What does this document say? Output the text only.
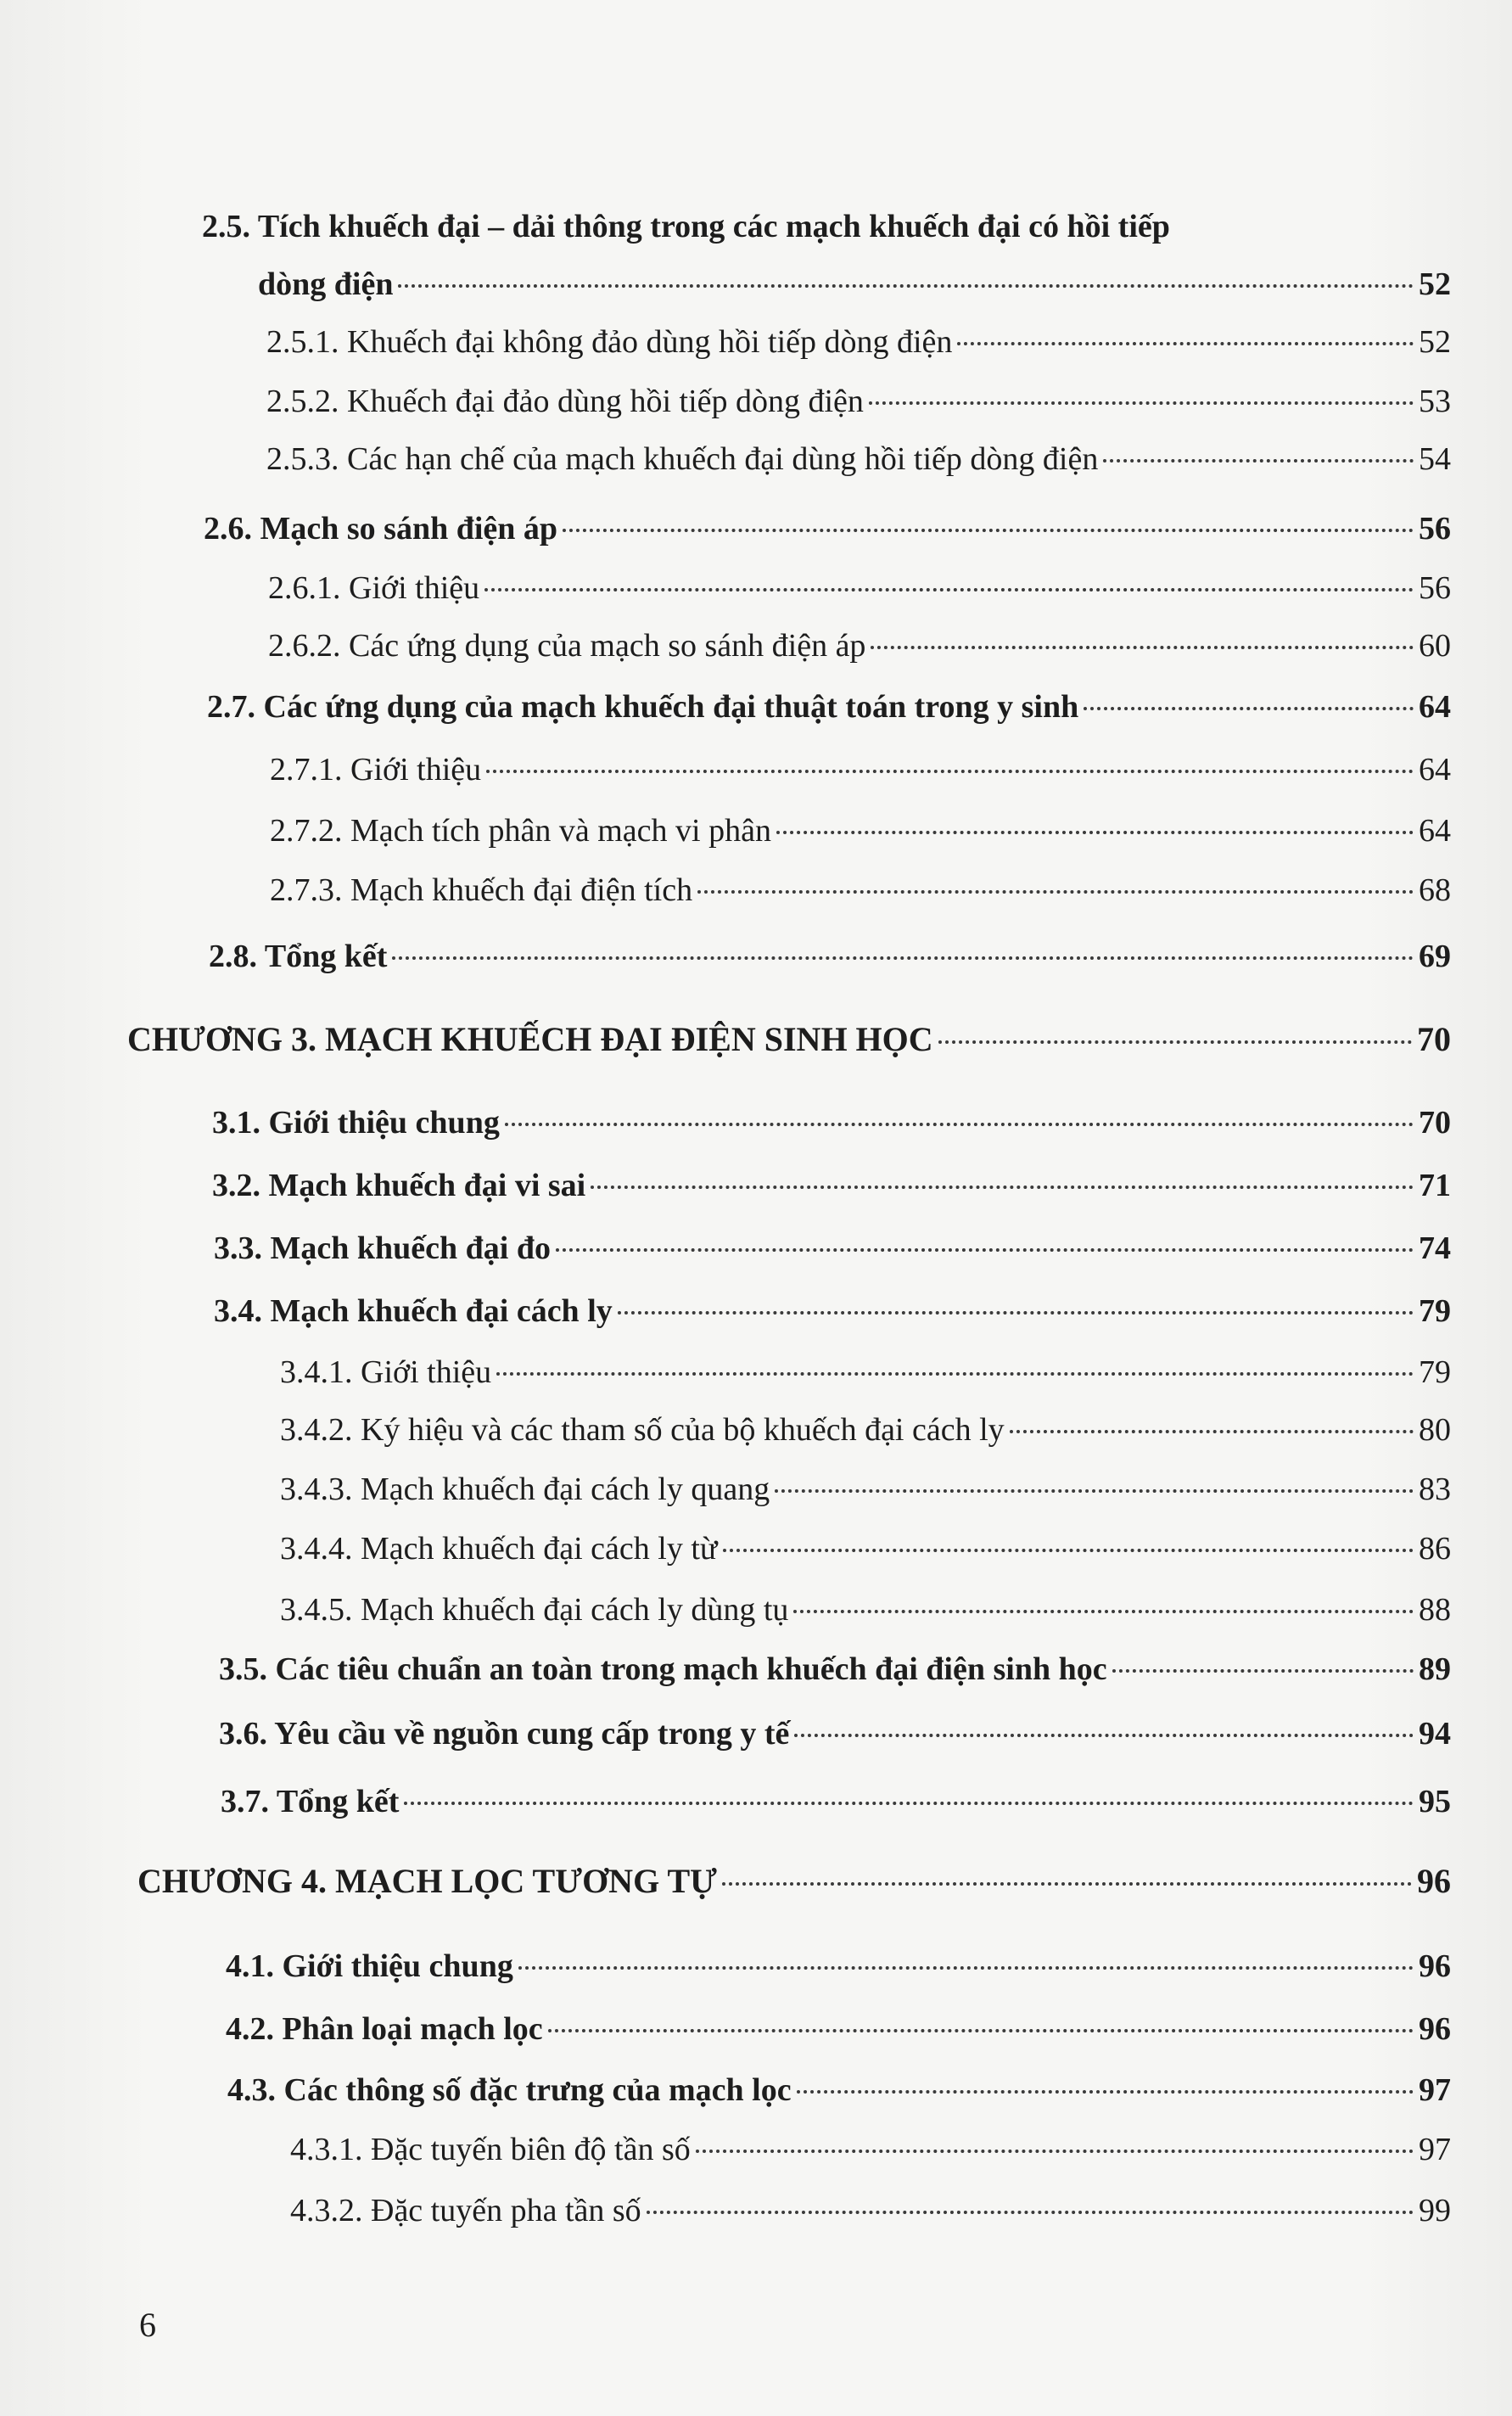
2.5. Tích khuếch đại – dải thông trong các mạch khuếch đại có hồi tiếp
dòng điện	52
2.5.1. Khuếch đại không đảo dùng hồi tiếp dòng điện	52
2.5.2. Khuếch đại đảo dùng hồi tiếp dòng điện	53
2.5.3. Các hạn chế của mạch khuếch đại dùng hồi tiếp dòng điện	54
2.6. Mạch so sánh điện áp	56
2.6.1. Giới thiệu	56
2.6.2. Các ứng dụng của mạch so sánh điện áp	60
2.7. Các ứng dụng của mạch khuếch đại thuật toán trong y sinh	64
2.7.1. Giới thiệu	64
2.7.2. Mạch tích phân và mạch vi phân	64
2.7.3. Mạch khuếch đại điện tích	68
2.8. Tổng kết	69
CHƯƠNG 3. MẠCH KHUẾCH ĐẠI ĐIỆN SINH HỌC	70
3.1. Giới thiệu chung	70
3.2. Mạch khuếch đại vi sai	71
3.3. Mạch khuếch đại đo	74
3.4. Mạch khuếch đại cách ly	79
3.4.1. Giới thiệu	79
3.4.2. Ký hiệu và các tham số của bộ khuếch đại cách ly	80
3.4.3. Mạch khuếch đại cách ly quang	83
3.4.4. Mạch khuếch đại cách ly từ	86
3.4.5. Mạch khuếch đại cách ly dùng tụ	88
3.5. Các tiêu chuẩn an toàn trong mạch khuếch đại điện sinh học	89
3.6. Yêu cầu về nguồn cung cấp trong y tế	94
3.7. Tổng kết	95
CHƯƠNG 4. MẠCH LỌC TƯƠNG TỰ	96
4.1. Giới thiệu chung	96
4.2. Phân loại mạch lọc	96
4.3. Các thông số đặc trưng của mạch lọc	97
4.3.1. Đặc tuyến biên độ tần số	97
4.3.2. Đặc tuyến pha tần số	99
6
